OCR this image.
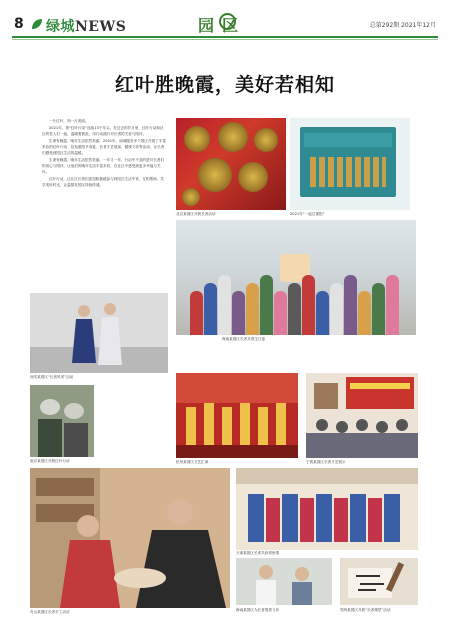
8 绿城NEWS	园区	总第292期 2021年12月
红叶胜晚霞，美好若相知

一片红叶，知一片美丽。

2021年，第“红叶行动”连续13个年头。在过去的岁月里，红叶行动和社区的老人们一起，温暖着彼此，用行动践行对长者的关爱与陪伴。

生命有晚霞，晚年生活依然美丽。2021年，绿城服务多个园区开展了丰富多彩的红叶行动：包括重阳节寿宴、长者才艺展演、健康义诊等活动，让长者们感受到园区生活的温暖。

生命有晚霞，晚年生活依然美丽。一年又一年，行动中不变的是对长者们的用心与陪伴，让他们的晚年生活丰富多彩，在社区中感受到更多幸福与关怀。

红叶行动，让社区长者们更加积极地参与到园区生活中来，互相帮助，共享美好时光，让温情在园区持续传递。

北京某园区开展长者活动	2021年“一起过重阳”
海南某园区长者共度生日宴
西安某园区“长者风采”活动
南京某园区开展红叶行动	杭州某园区文艺汇演	宁波某园区长者才艺展示
舟山某园区长者手工活动
天津某园区长者共叙邻里情
海南某园区为长者提供义诊	郑州某园区开展“长者课堂”活动
